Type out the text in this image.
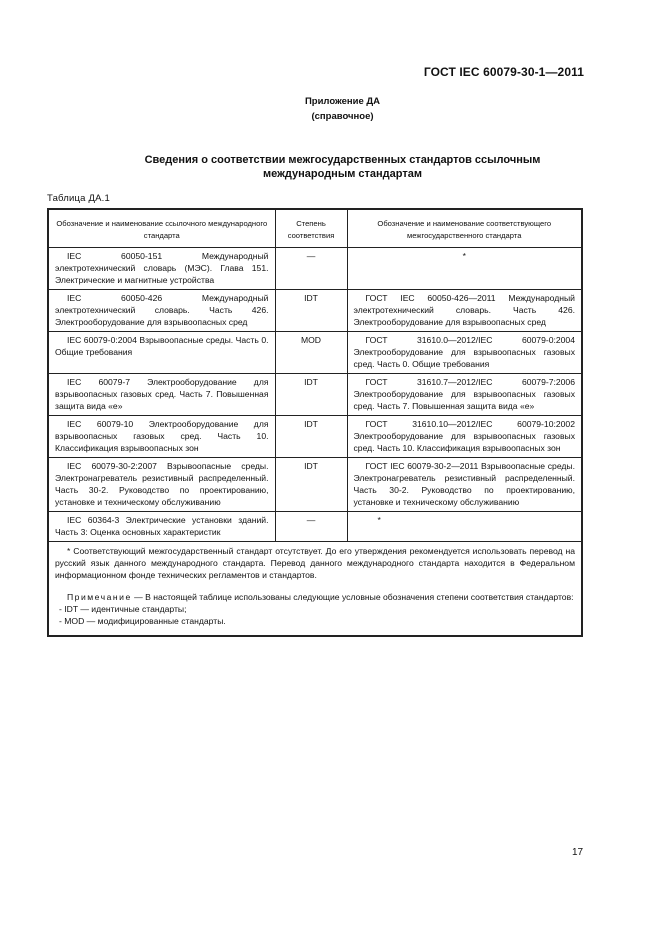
ГОСТ IEC 60079-30-1—2011
Приложение ДА
(справочное)
Сведения о соответствии межгосударственных стандартов ссылочным
международным стандартам
Таблица ДА.1
Обозначение и наименование ссылочного международного стандарта	Степень соответствия	Обозначение и наименование соответствующего межгосударственного стандарта
IEC 60050-151 Международный электротехнический словарь (МЭС). Глава 151. Электрические и магнитные устройства	—	*
IEC 60050-426 Международный электротехнический словарь. Часть 426. Электрооборудование для взрывоопасных сред	IDT	ГОСТ IEC 60050-426—2011 Международный электротехнический словарь. Часть 426. Электрооборудование для взрывоопасных сред
IEC 60079-0:2004 Взрывоопасные среды. Часть 0. Общие требования	MOD	ГОСТ 31610.0—2012/IEC 60079-0:2004 Электрооборудование для взрывоопасных газовых сред. Часть 0. Общие требования
IEC 60079-7 Электрооборудование для взрывоопасных газовых сред. Часть 7. Повышенная защита вида «е»	IDT	ГОСТ 31610.7—2012/IEC 60079-7:2006 Электрооборудование для взрывоопасных газовых сред. Часть 7. Повышенная защита вида «е»
IEC 60079-10 Электрооборудование для взрывоопасных газовых сред. Часть 10. Классификация взрывоопасных зон	IDT	ГОСТ 31610.10—2012/IEC 60079-10:2002 Электрооборудование для взрывоопасных газовых сред. Часть 10. Классификация взрывоопасных зон
IEC 60079-30-2:2007 Взрывоопасные среды. Электронагреватель резистивный распределенный. Часть 30-2. Руководство по проектированию, установке и техническому обслуживанию	IDT	ГОСТ IEC 60079-30-2—2011 Взрывоопасные среды. Электронагреватель резистивный распределенный. Часть 30-2. Руководство по проектированию, установке и техническому обслуживанию
IEC 60364-3 Электрические установки зданий. Часть 3: Оценка основных характеристик	—	*

* Соответствующий межгосударственный стандарт отсутствует. До его утверждения рекомендуется использовать перевод на русский язык данного международного стандарта. Перевод данного международного стандарта находится в Федеральном информационном фонде технических регламентов и стандартов.

Примечание — В настоящей таблице использованы следующие условные обозначения степени соответствия стандартов:

- IDT — идентичные стандарты;

- MOD — модифицированные стандарты.		

17
